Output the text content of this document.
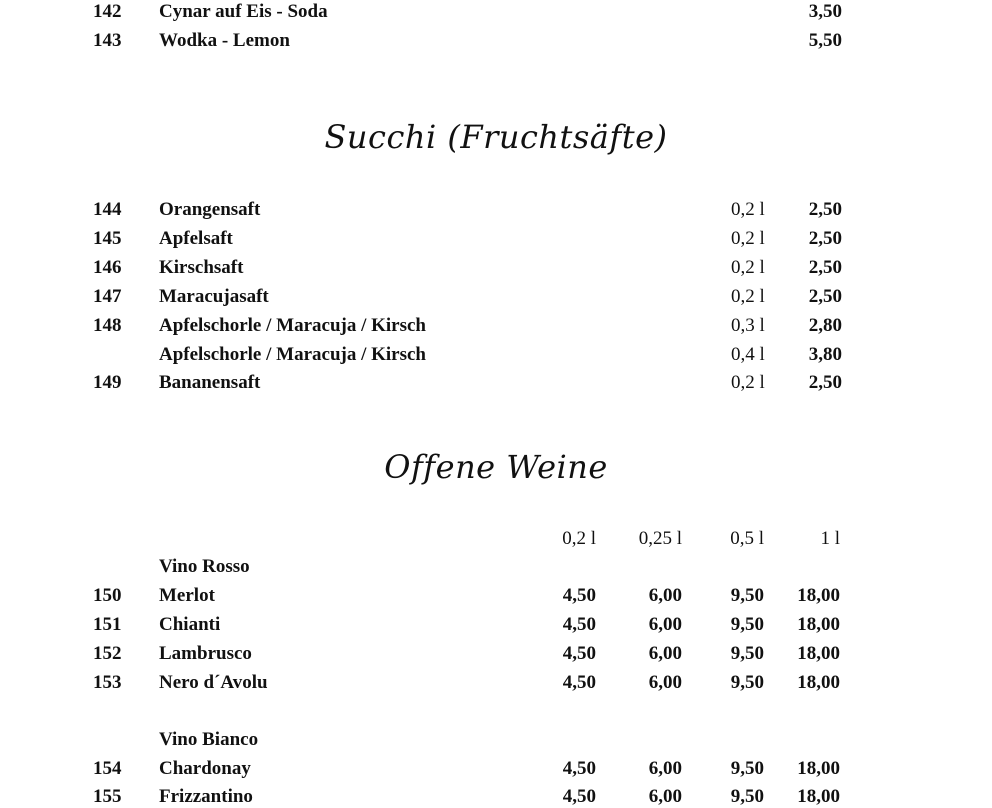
142 Cynar auf Eis - Soda	3,50
143 Wodka - Lemon	5,50
Succhi (Fruchtsäfte)
144 Orangensaft	0,2 l	2,50
145 Apfelsaft	0,2 l	2,50
146 Kirschsaft	0,2 l	2,50
147 Maracujasaft	0,2 l	2,50
148 Apfelschorle / Maracuja / Kirsch	0,3 l	2,80
Apfelschorle / Maracuja / Kirsch	0,4 l	3,80
149 Bananensaft	0,2 l	2,50
Offene Weine
0,2 l	0,25 l	0,5 l	1 l
Vino Rosso
150 Merlot	4,50	6,00	9,50	18,00
151 Chianti	4,50	6,00	9,50	18,00
152 Lambrusco	4,50	6,00	9,50	18,00
153 Nero d´Avolu	4,50	6,00	9,50	18,00
Vino Bianco
154 Chardonay	4,50	6,00	9,50	18,00
155 Frizzantino	4,50	6,00	9,50	18,00
